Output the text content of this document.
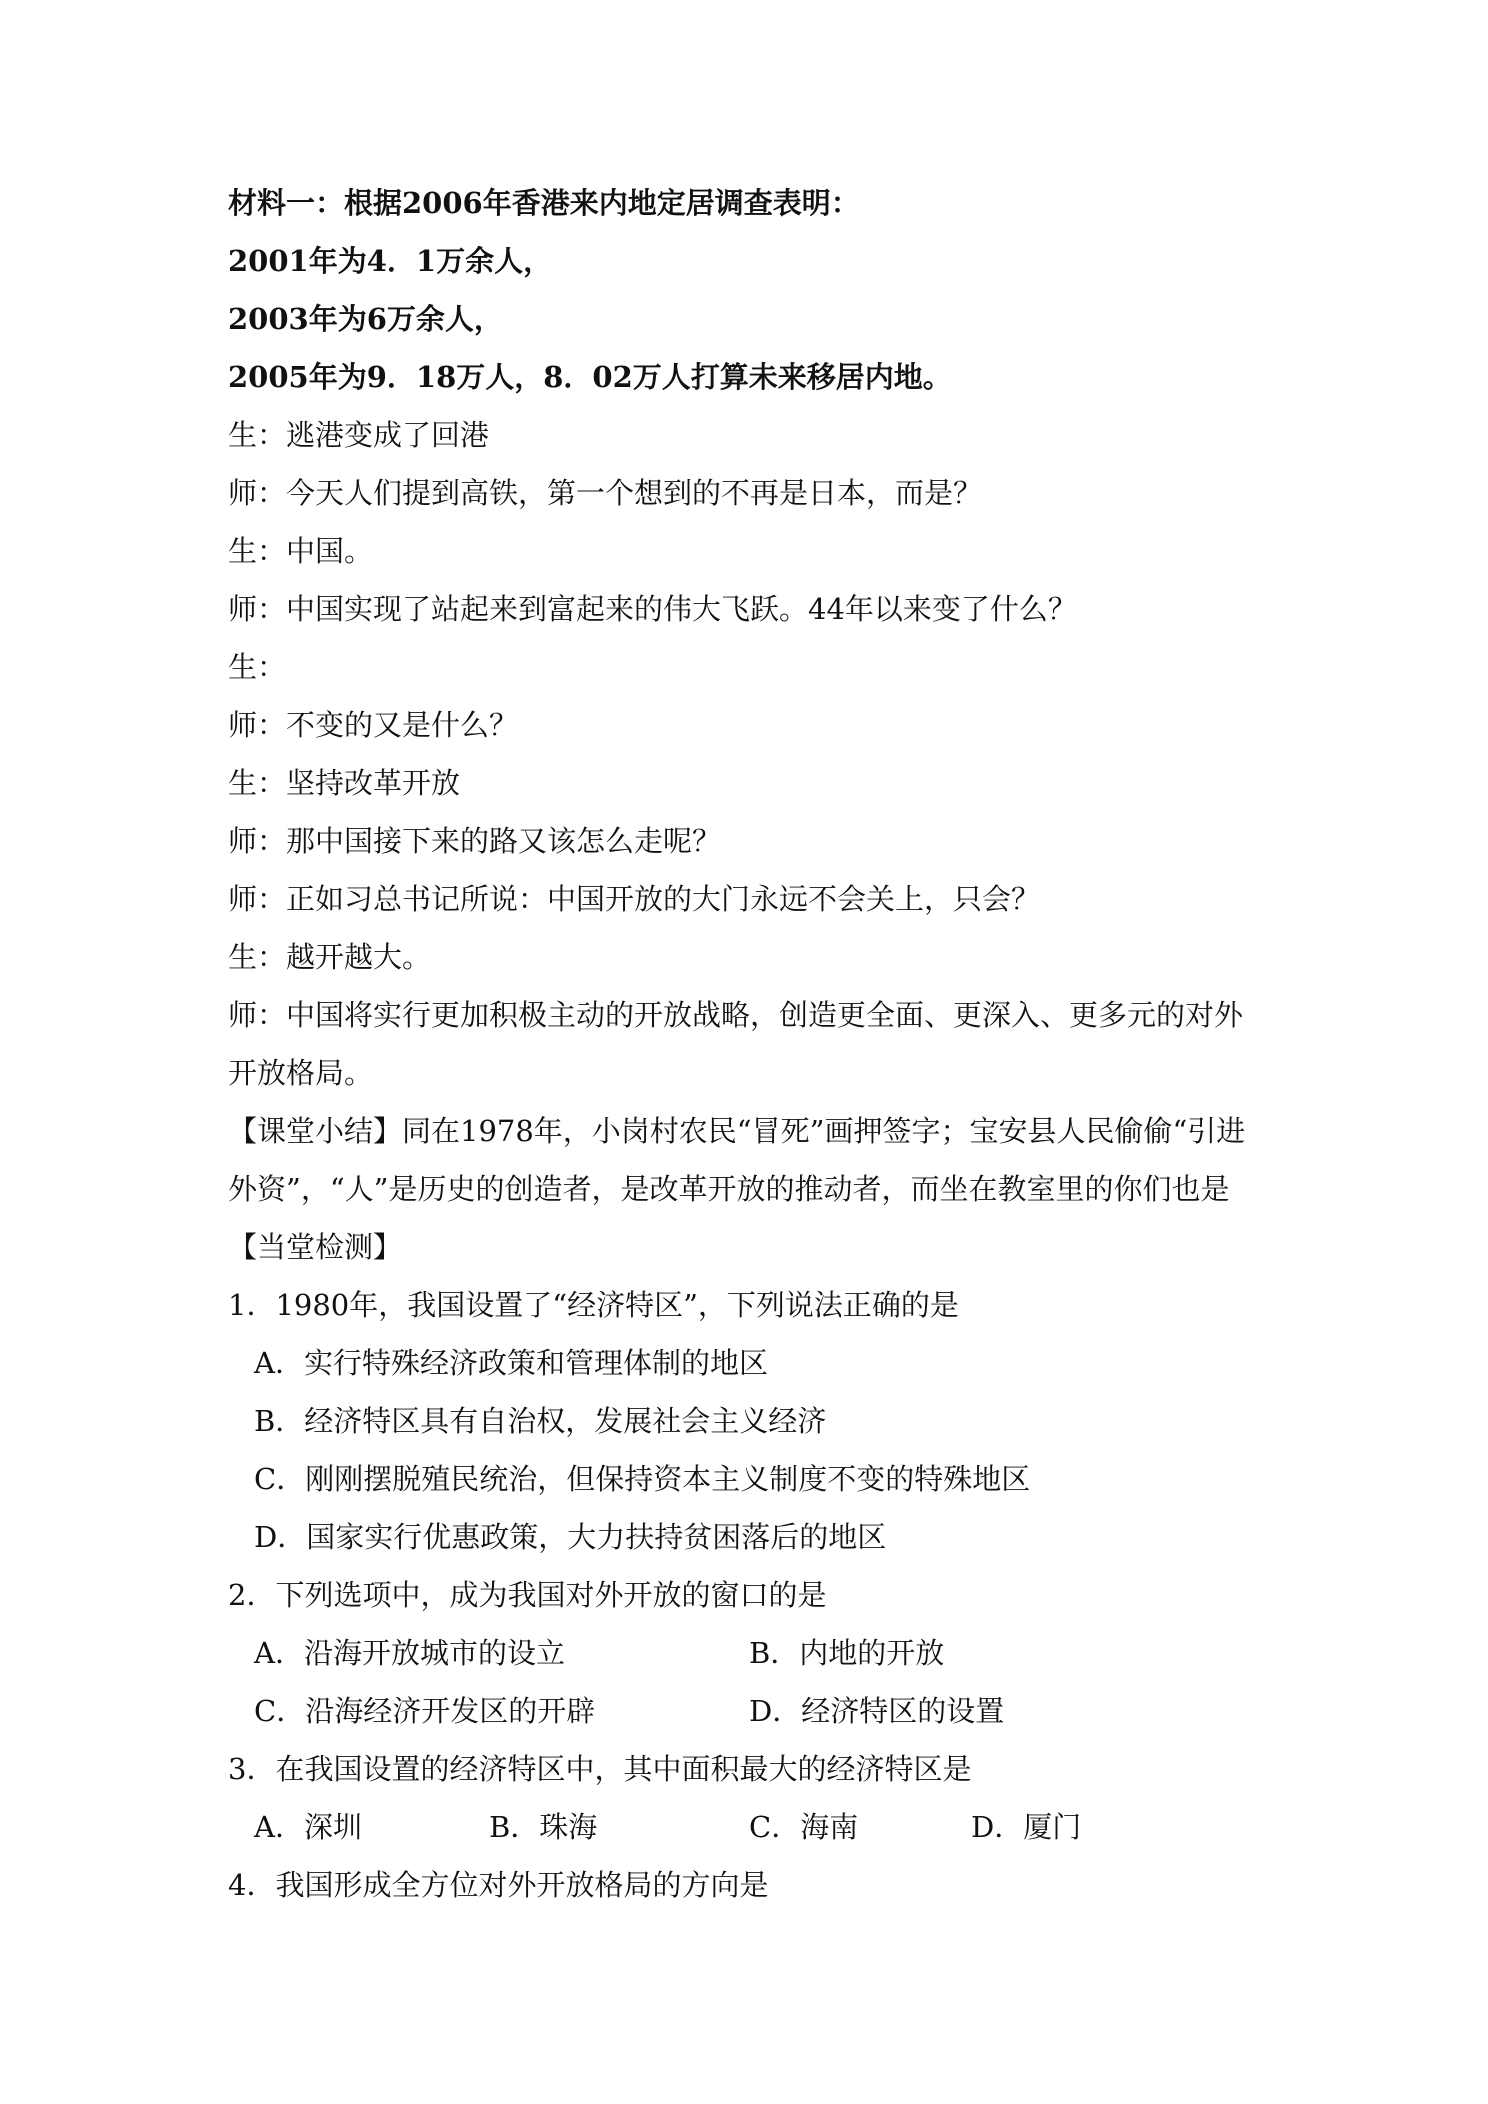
材料一：根据2006年香港来内地定居调查表明：
2001年为4．1万余人，
2003年为6万余人，
2005年为9．18万人，8．02万人打算未来移居内地。
生：逃港变成了回港
师：今天人们提到高铁，第一个想到的不再是日本，而是？
生：中国。
师：中国实现了站起来到富起来的伟大飞跃。44年以来变了什么？
生：
师：不变的又是什么？
生：坚持改革开放
师：那中国接下来的路又该怎么走呢？
师：正如习总书记所说：中国开放的大门永远不会关上，只会？
生：越开越大。
师：中国将实行更加积极主动的开放战略，创造更全面、更深入、更多元的对外
开放格局。
【课堂小结】同在1978年，小岗村农民“冒死”画押签字；宝安县人民偷偷“引进
外资”，“人”是历史的创造者，是改革开放的推动者，而坐在教室里的你们也是
【当堂检测】
1．1980年，我国设置了“经济特区”，下列说法正确的是
A．实行特殊经济政策和管理体制的地区
B．经济特区具有自治权，发展社会主义经济
C．刚刚摆脱殖民统治，但保持资本主义制度不变的特殊地区
D．国家实行优惠政策，大力扶持贫困落后的地区
2．下列选项中，成为我国对外开放的窗口的是
A．沿海开放城市的设立	B．内地的开放
C．沿海经济开发区的开辟	D．经济特区的设置
3．在我国设置的经济特区中，其中面积最大的经济特区是
A．深圳	B．珠海	C．海南	D．厦门
4．我国形成全方位对外开放格局的方向是
